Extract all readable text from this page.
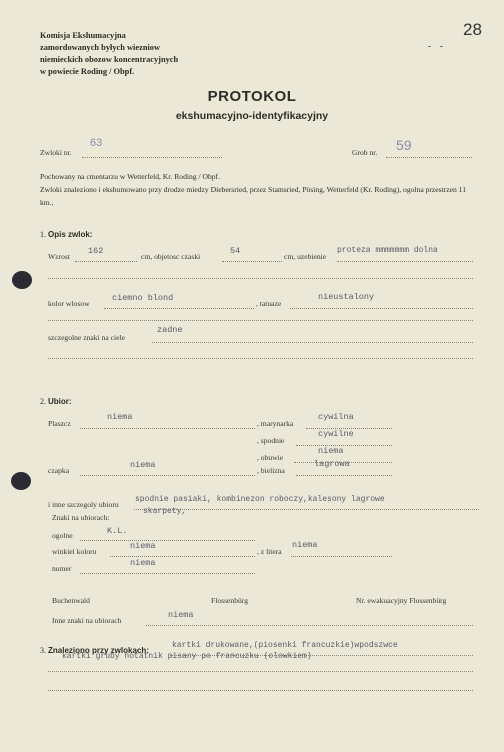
Komisja Ekshumacyjna
zamordowanych byłych wiezniow
niemieckich obozow koncentracyjnych
w powiecie Roding / Obpf.
28
PROTOKOL
ekshumacyjno-identyfikacyjny
Zwloki nr.
63
Grob nr. 59
Pochowany na cmentarzu w Wetterfeld, Kr. Roding / Obpf.
Zwloki znaleziono i ekshumowano przy drodze miedzy Diebersried, przez Stamsried, Pösing, Wetterfeld (Kr. Roding), ogolna przestrzen 11 km.,
1. Opis zwlok:
Wzrost
162
cm, objetosc czaski
54
cm, uzebienie
proteza mmmmmmm dolna
kolor wlosow
ciemno blond
, tatuaze
nieustalony
szczegolne znaki na ciele
zadne
2. Ubior:
Plaszcz
niema
, marynarka
cywilna
, spodnie
cywilne
, obuwie
niema
czapka
niema
, bielizna
lagrowa
i inne szczegoly ubioru
spodnie pasiaki, kombinezon roboczy,kalesony lagrowe
skarpety,
Znaki na ubiorach:
ogolne	K.L.
winkiel koloru
niema
, z litera
niema
numer
niema
Buchenwald	Flossenbürg	Nr. ewakuacyjny Flossenbürg
Inne znaki na ubiorach
niema
3. Znaleziono przy zwlokach:
kartki drukowane,(piosenki francuzkie)wpodszwce
kartki gruby notatnik pisany po francuzku (olowkiem)
